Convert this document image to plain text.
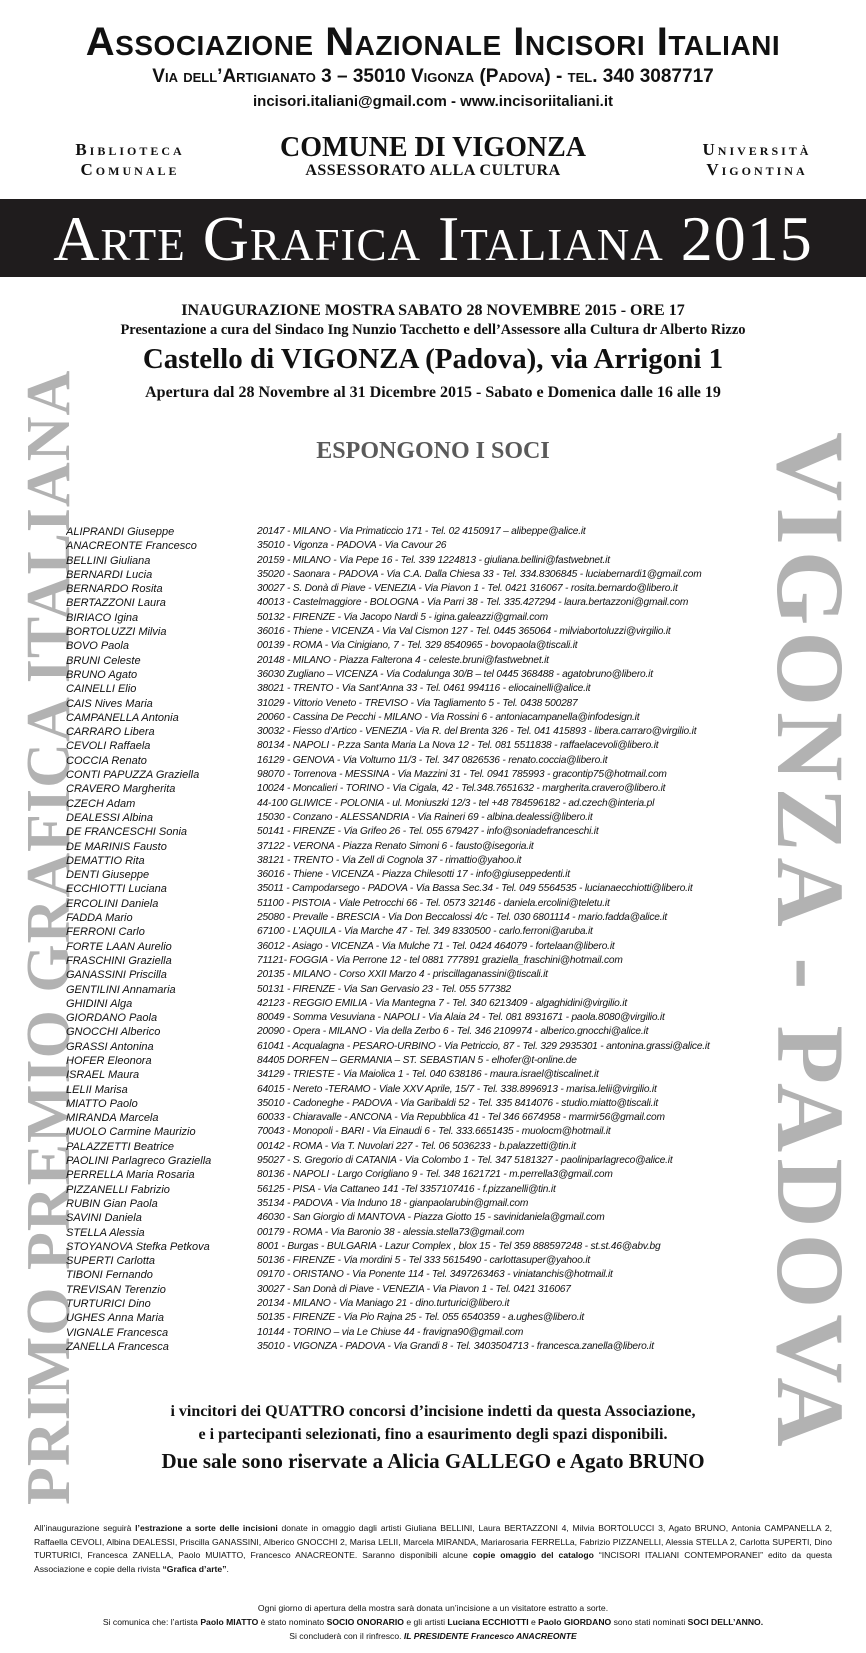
Associazione Nazionale Incisori Italiani
Via dell’Artigianato 3 – 35010 Vigonza (Padova) - tel. 340 3087717
incisori.italiani@gmail.com - www.incisoriitaliani.it
Biblioteca
Comunale
COMUNE DI VIGONZA
ASSESSORATO ALLA CULTURA
Università
Vigontina
Arte Grafica Italiana 2015
INAUGURAZIONE MOSTRA SABATO 28 NOVEMBRE 2015 - ORE 17
Presentazione a cura del Sindaco Ing Nunzio Tacchetto e dell’Assessore alla Cultura dr Alberto Rizzo
Castello di VIGONZA (Padova), via Arrigoni 1
Apertura dal 28 Novembre al 31 Dicembre 2015 - Sabato e Domenica dalle 16 alle 19
ESPONGONO I SOCI
PRIMO PREMIO GRAFICA ITALIANA	VIGONZA - PADOVA
ALIPRANDI Giuseppe	20147 - MILANO - Via Primaticcio 171 - Tel. 02 4150917 – alibeppe@alice.it
ANACREONTE Francesco	35010 - Vigonza - PADOVA - Via Cavour 26
BELLINI Giuliana	20159 - MILANO - Via Pepe 16 - Tel. 339 1224813 - giuliana.bellini@fastwebnet.it
BERNARDI Lucia	35020 - Saonara - PADOVA - Via C.A. Dalla Chiesa 33 - Tel. 334.8306845 - luciabernardi1@gmail.com
BERNARDO Rosita	30027 - S. Donà di Piave - VENEZIA - Via Piavon 1 - Tel. 0421 316067 - rosita.bernardo@libero.it
BERTAZZONI Laura	40013 - Castelmaggiore - BOLOGNA - Via Parri 38 - Tel. 335.427294 - laura.bertazzoni@gmail.com
BIRIACO Igina	50132 - FIRENZE - Via Jacopo Nardi 5 - igina.galeazzi@gmail.com
BORTOLUZZI Milvia	36016 - Thiene - VICENZA - Via Val Cismon 127 - Tel. 0445 365064 - milviabortoluzzi@virgilio.it
BOVO Paola	00139 - ROMA - Via Cinigiano, 7 - Tel. 329 8540965 - bovopaola@tiscali.it
BRUNI Celeste	20148 - MILANO - Piazza Falterona 4 - celeste.bruni@fastwebnet.it
BRUNO Agato	36030 Zugliano – VICENZA - Via Codalunga 30/B – tel 0445 368488 - agatobruno@libero.it
CAINELLI Elio	38021 - TRENTO - Via Sant’Anna 33 - Tel. 0461 994116 - eliocainelli@alice.it
CAIS Nives Maria	31029 - Vittorio Veneto - TREVISO - Via Tagliamento 5 - Tel. 0438 500287
CAMPANELLA Antonia	20060 - Cassina De Pecchi - MILANO - Via Rossini 6 - antoniacampanella@infodesign.it
CARRARO Libera	30032 - Fiesso d’Artico - VENEZIA - Via R. del Brenta 326 - Tel. 041 415893 - libera.carraro@virgilio.it
CEVOLI Raffaela	80134 - NAPOLI - P.zza Santa Maria La Nova 12 - Tel. 081 5511838 - raffaelacevoli@libero.it
COCCIA Renato	16129 - GENOVA - Via Volturno 11/3 - Tel. 347 0826536 - renato.coccia@libero.it
CONTI PAPUZZA Graziella	98070 - Torrenova - MESSINA - Via Mazzini 31 - Tel. 0941 785993 - gracontip75@hotmail.com
CRAVERO Margherita	10024 - Moncalieri - TORINO - Via Cigala, 42 - Tel.348.7651632 - margherita.cravero@libero.it
CZECH Adam	44-100 GLIWICE - POLONIA - ul. Moniuszki 12/3 - tel +48 784596182 - ad.czech@interia.pl
DEALESSI Albina	15030 - Conzano - ALESSANDRIA - Via Raineri 69 - albina.dealessi@libero.it
DE FRANCESCHI Sonia	50141 - FIRENZE - Via Grifeo 26 - Tel. 055 679427 - info@soniadefranceschi.it
DE MARINIS Fausto	37122 - VERONA - Piazza Renato Simoni 6 - fausto@isegoria.it
DEMATTIO Rita	38121 - TRENTO - Via Zell di Cognola 37 - rimattio@yahoo.it
DENTI Giuseppe	36016 - Thiene - VICENZA - Piazza Chilesotti 17 - info@giuseppedenti.it
ECCHIOTTI Luciana	35011 - Campodarsego - PADOVA - Via Bassa Sec.34 - Tel. 049 5564535 - lucianaecchiotti@libero.it
ERCOLINI Daniela	51100 - PISTOIA - Viale Petrocchi 66 - Tel. 0573 32146 - daniela.ercolini@teletu.it
FADDA Mario	25080 - Prevalle - BRESCIA - Via Don Beccalossi 4/c - Tel. 030 6801114 - mario.fadda@alice.it
FERRONI Carlo	67100 - L’AQUILA - Via Marche 47 - Tel. 349 8330500 - carlo.ferroni@aruba.it
FORTE LAAN Aurelio	36012 - Asiago - VICENZA - Via Mulche 71 - Tel. 0424 464079 - fortelaan@libero.it
FRASCHINI Graziella	71121- FOGGIA - Via Perrone 12 - tel 0881 777891 graziella_fraschini@hotmail.com
GANASSINI Priscilla	20135 - MILANO - Corso XXII Marzo 4 - priscillaganassini@tiscali.it
GENTILINI Annamaria	50131 - FIRENZE - Via San Gervasio 23 - Tel. 055 577382
GHIDINI Alga	42123 - REGGIO EMILIA - Via Mantegna 7 - Tel. 340 6213409 - algaghidini@virgilio.it
GIORDANO Paola	80049 - Somma Vesuviana - NAPOLI - Via Alaia 24 - Tel. 081 8931671 - paola.8080@virgilio.it
GNOCCHI Alberico	20090 - Opera - MILANO - Via della Zerbo 6 - Tel. 346 2109974 - alberico.gnocchi@alice.it
GRASSI Antonina	61041 - Acqualagna - PESARO-URBINO - Via Petriccio, 87 - Tel. 329 2935301 - antonina.grassi@alice.it
HOFER Eleonora	84405 DORFEN – GERMANIA – ST. SEBASTIAN 5 - elhofer@t-online.de
ISRAEL Maura	34129 - TRIESTE - Via Maiolica 1 - Tel. 040 638186 - maura.israel@tiscalinet.it
LELII Marisa	64015 - Nereto -TERAMO - Viale XXV Aprile, 15/7 - Tel. 338.8996913 - marisa.lelii@virgilio.it
MIATTO Paolo	35010 - Cadoneghe - PADOVA - Via Garibaldi 52 - Tel. 335 8414076 - studio.miatto@tiscali.it
MIRANDA Marcela	60033 - Chiaravalle - ANCONA - Via Repubblica 41 - Tel 346 6674958 - marmir56@gmail.com
MUOLO Carmine Maurizio	70043 - Monopoli - BARI - Via Einaudi 6 - Tel. 333.6651435 - muolocm@hotmail.it
PALAZZETTI Beatrice	00142 - ROMA - Via T. Nuvolari 227 - Tel. 06 5036233 - b.palazzetti@tin.it
PAOLINI Parlagreco Graziella	95027 - S. Gregorio di CATANIA - Via Colombo 1 - Tel. 347 5181327 - paoliniparlagreco@alice.it
PERRELLA Maria Rosaria	80136 - NAPOLI - Largo Corigliano 9 - Tel. 348 1621721 - m.perrella3@gmail.com
PIZZANELLI Fabrizio	56125 - PISA - Via Cattaneo 141 -Tel 3357107416 - f.pizzanelli@tin.it
RUBIN Gian Paola	35134 - PADOVA - Via Induno 18 - gianpaolarubin@gmail.com
SAVINI Daniela	46030 - San Giorgio di MANTOVA - Piazza Giotto 15 - savinidaniela@gmail.com
STELLA Alessia	00179 - ROMA - Via Baronio 38 - alessia.stella73@gmail.com
STOYANOVA Stefka Petkova	8001 - Burgas - BULGARIA - Lazur Complex , blox 15 - Tel 359 888597248 - st.st.46@abv.bg
SUPERTI Carlotta	50136 - FIRENZE - Via mordini 5 - Tel 333 5615490 - carlottasuper@yahoo.it
TIBONI Fernando	09170 - ORISTANO - Via Ponente 114 - Tel. 3497263463 - viniatanchis@hotmail.it
TREVISAN Terenzio	30027 - San Donà di Piave - VENEZIA - Via Piavon 1 - Tel. 0421 316067
TURTURICI Dino	20134 - MILANO - Via Maniago 21 - dino.turturici@libero.it
UGHES Anna Maria	50135 - FIRENZE - Via Pio Rajna 25 - Tel. 055 6540359 - a.ughes@libero.it
VIGNALE Francesca	10144 - TORINO – via Le Chiuse 44 - fravigna90@gmail.com
ZANELLA Francesca	35010 - VIGONZA - PADOVA - Via Grandi 8 - Tel. 3403504713 - francesca.zanella@libero.it
i vincitori dei QUATTRO concorsi d’incisione indetti da questa Associazione,
e i partecipanti selezionati, fino a esaurimento degli spazi disponibili.
Due sale sono riservate a Alicia GALLEGO e Agato BRUNO
All’inaugurazione seguirà l’estrazione a sorte delle incisioni donate in omaggio dagli artisti Giuliana BELLINI, Laura BERTAZZONI 4, Milvia BORTOLUCCI 3, Agato BRUNO, Antonia CAMPANELLA 2, Raffaella CEVOLI, Albina DEALESSI, Priscilla GANASSINI, Alberico GNOCCHI 2, Marisa LELII, Marcela MIRANDA, Mariarosaria FERRELLa, Fabrizio PIZZANELLI, Alessia STELLA 2, Carlotta SUPERTI, Dino TURTURICI, Francesca ZANELLA, Paolo MUIATTO, Francesco ANACREONTE. Saranno disponibili alcune copie omaggio del catalogo “INCISORI ITALIANI CONTEMPORANEI” edito da questa Associazione e copie della rivista “Grafica d’arte”.
Ogni giorno di apertura della mostra sarà donata un’incisione a un visitatore estratto a sorte.
Si comunica che: l’artista Paolo MIATTO è stato nominato SOCIO ONORARIO e gli artisti Luciana ECCHIOTTI e Paolo GIORDANO sono stati nominati SOCI DELL’ANNO.
Si concluderà con il rinfresco. IL PRESIDENTE Francesco ANACREONTE
